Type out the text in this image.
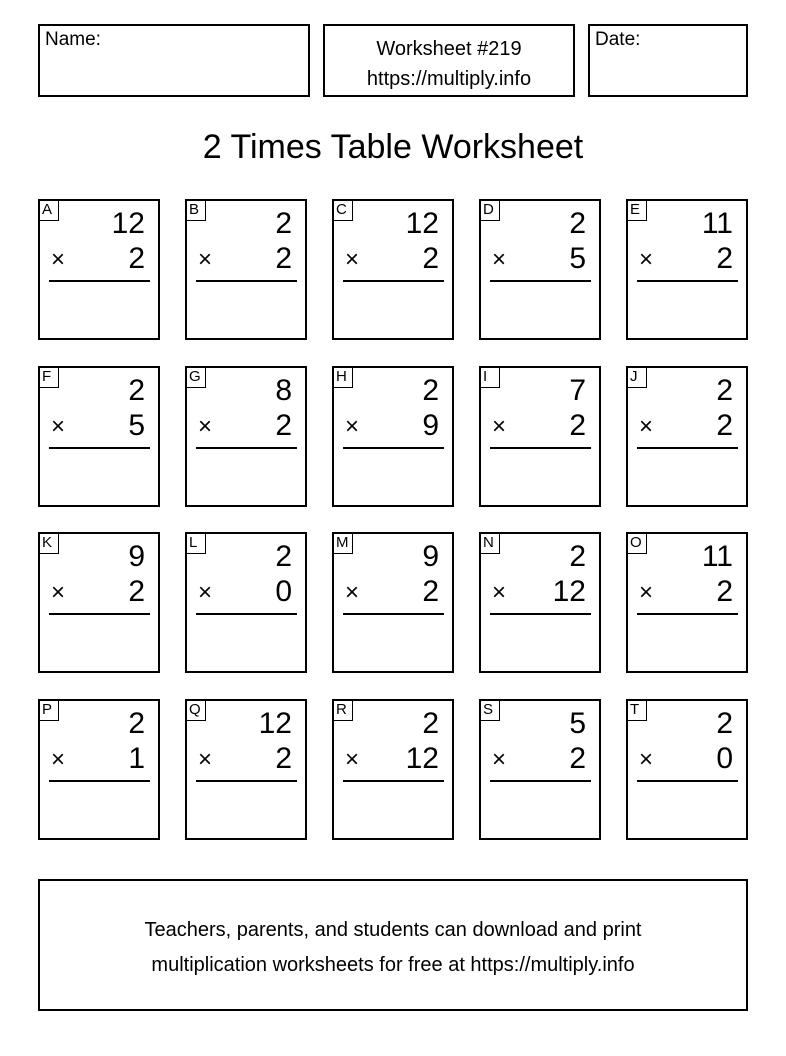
Name:	Worksheet #219
https://multiply.info
Date:
2 Times Table Worksheet
A 12
× 2
B	2
× 2
C 12
× 2
D	2
× 5
E 11
× 2
F	2
× 5
G 8
× 2
H	2
× 9
I	7
× 2
J	2
× 2
K	9
× 2
L	2
× 0
M 9
× 2
N	2
× 12
O 11
× 2
P	2
× 1
Q 12
× 2
R	2
× 12
S	5
× 2
T	2
× 0
Teachers, parents, and students can download and print
multiplication worksheets for free at https://multiply.info
